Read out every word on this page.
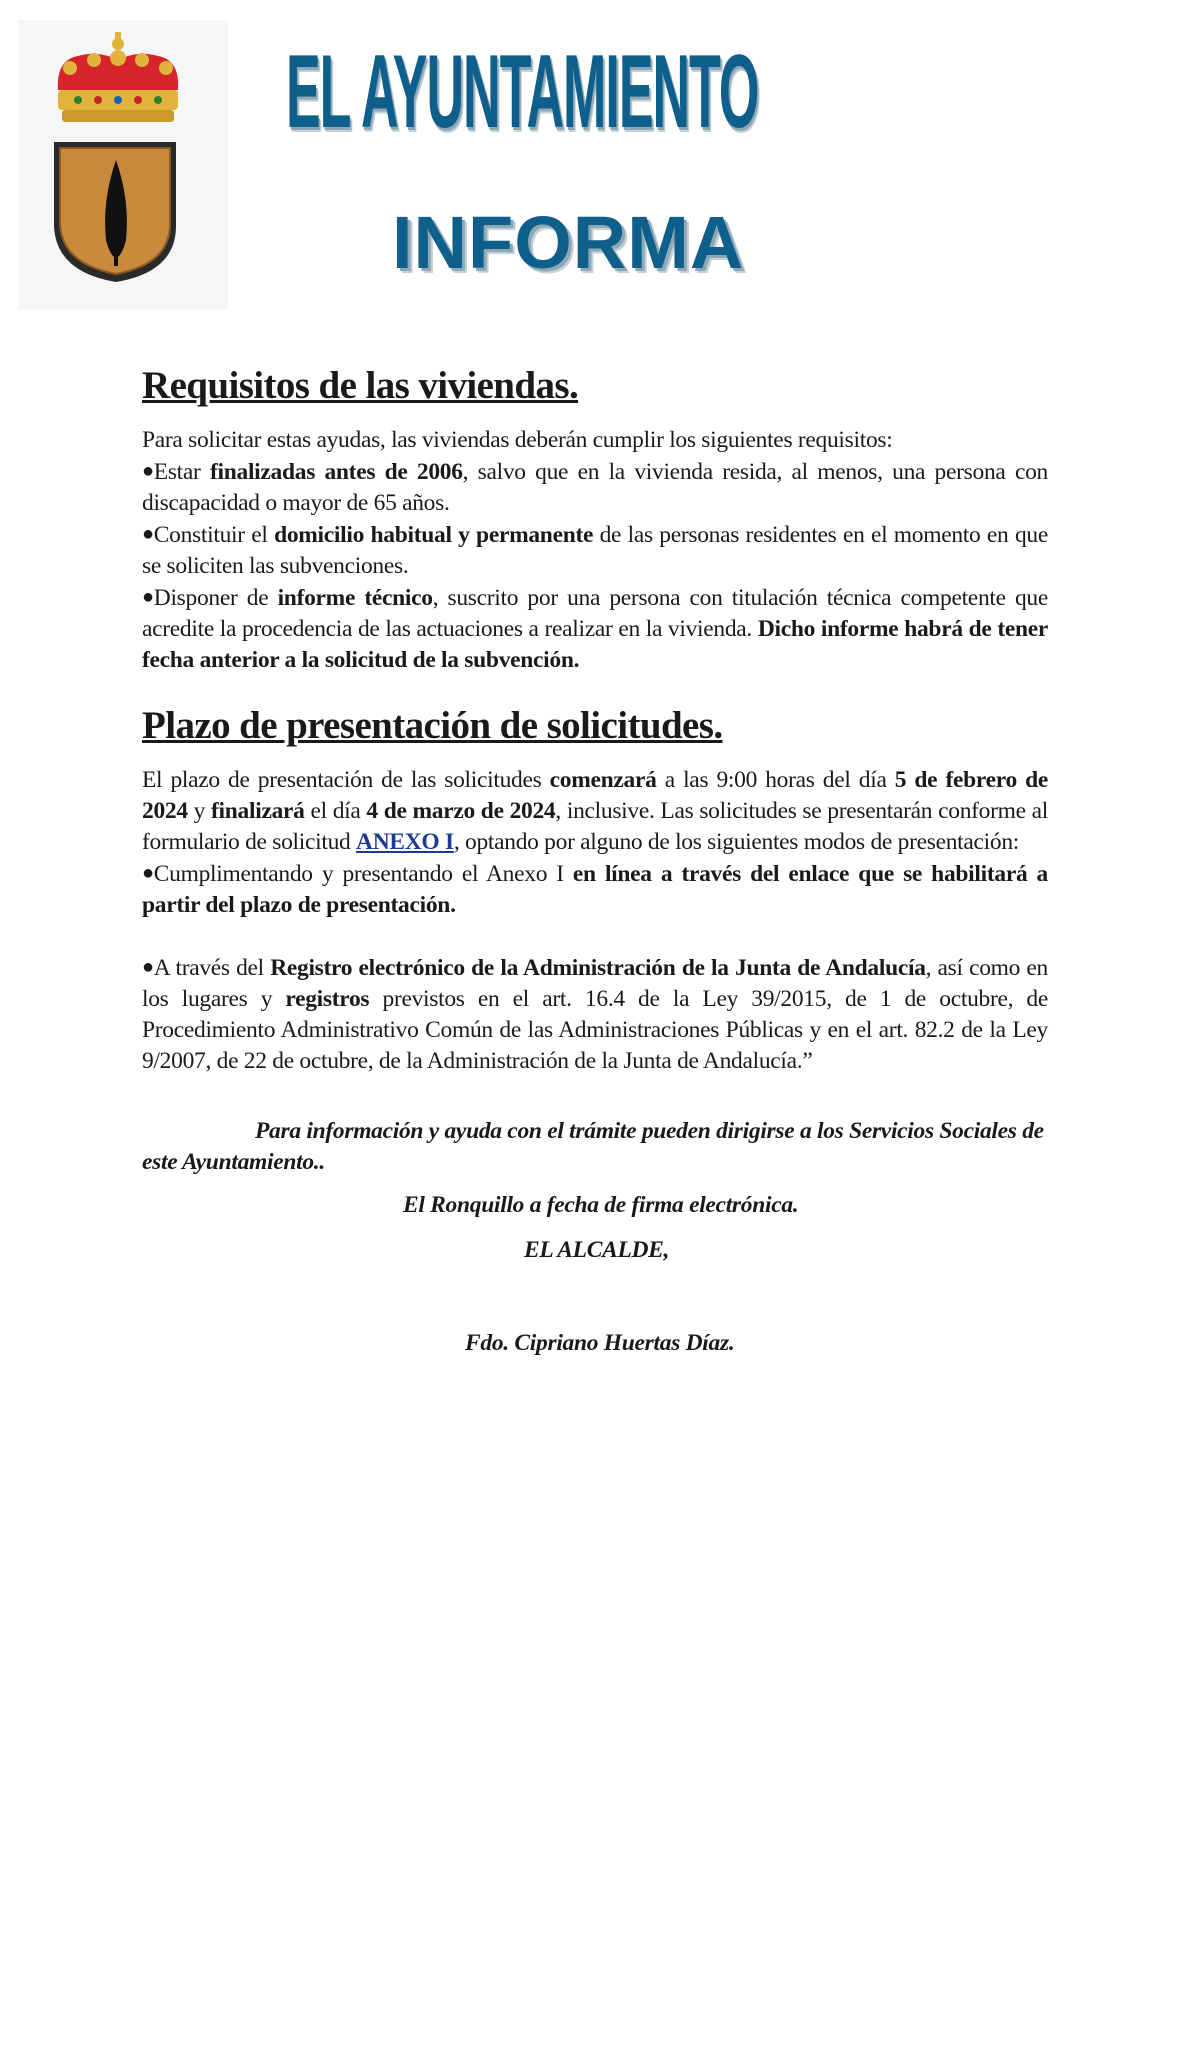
EL AYUNTAMIENTO
INFORMA
Requisitos de las viviendas.

Para solicitar estas ayudas, las viviendas deberán cumplir los siguientes requisitos:

●Estar finalizadas antes de 2006, salvo que en la vivienda resida, al menos, una persona con discapacidad o mayor de 65 años.

●Constituir el domicilio habitual y permanente de las personas residentes en el momento en que se soliciten las subvenciones.

●Disponer de informe técnico, suscrito por una persona con titulación técnica competente que acredite la procedencia de las actuaciones a realizar en la vivienda. Dicho informe habrá de tener fecha anterior a la solicitud de la subvención.

Plazo de presentación de solicitudes.

El plazo de presentación de las solicitudes comenzará a las 9:00 horas del día 5 de febrero de 2024 y finalizará el día 4 de marzo de 2024, inclusive. Las solicitudes se presentarán conforme al formulario de solicitud ANEXO I, optando por alguno de los siguientes modos de presentación:

●Cumplimentando y presentando el Anexo I en línea a través del enlace que se habilitará a partir del plazo de presentación.

●A través del Registro electrónico de la Administración de la Junta de Andalucía, así como en los lugares y registros previstos en el art. 16.4 de la Ley 39/2015, de 1 de octubre, de Procedimiento Administrativo Común de las Administraciones Públicas y en el art. 82.2 de la Ley 9/2007, de 22 de octubre, de la Administración de la Junta de Andalucía.”

Para información y ayuda con el trámite pueden dirigirse a los Servicios Sociales de este Ayuntamiento..

El Ronquillo a fecha de firma electrónica.
EL ALCALDE,
Fdo. Cipriano Huertas Díaz.
